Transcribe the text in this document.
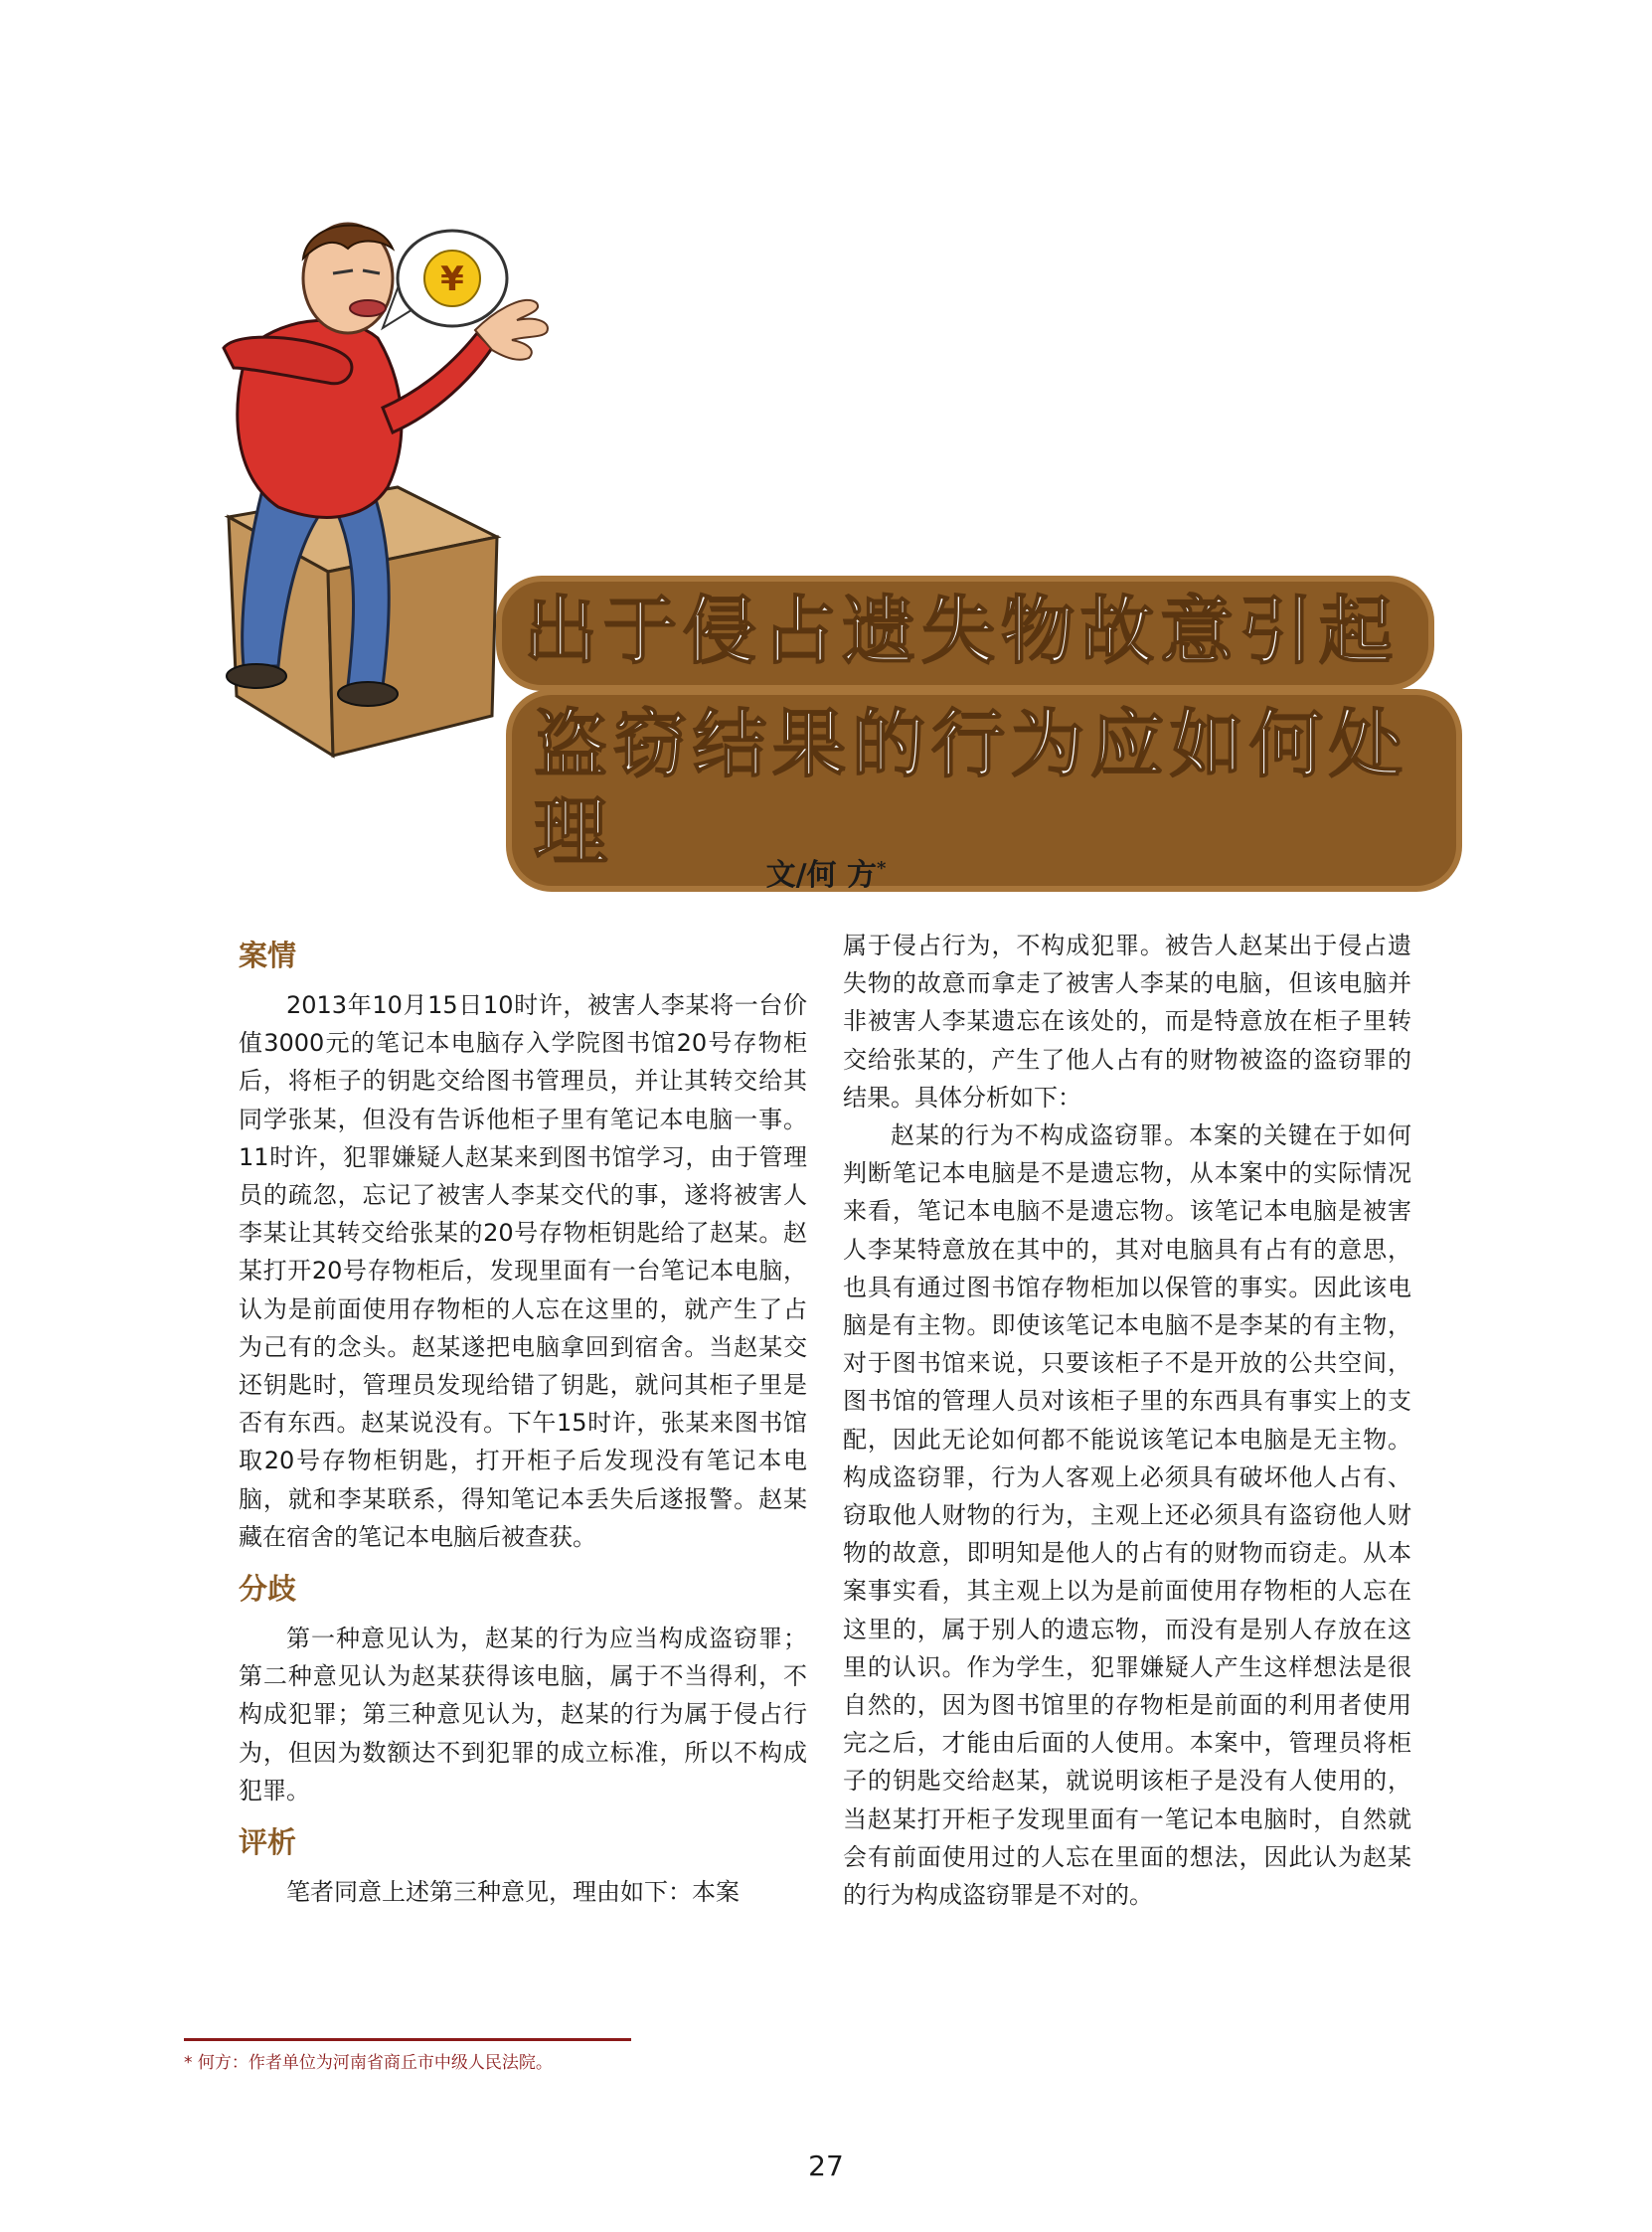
¥
出于侵占遗失物故意引起
盗窃结果的行为应如何处理
文/何 方*
案情

2013年10月15日10时许，被害人李某将一台价值3000元的笔记本电脑存入学院图书馆20号存物柜后，将柜子的钥匙交给图书管理员，并让其转交给其同学张某，但没有告诉他柜子里有笔记本电脑一事。11时许，犯罪嫌疑人赵某来到图书馆学习，由于管理员的疏忽，忘记了被害人李某交代的事，遂将被害人李某让其转交给张某的20号存物柜钥匙给了赵某。赵某打开20号存物柜后，发现里面有一台笔记本电脑，认为是前面使用存物柜的人忘在这里的，就产生了占为己有的念头。赵某遂把电脑拿回到宿舍。当赵某交还钥匙时，管理员发现给错了钥匙，就问其柜子里是否有东西。赵某说没有。下午15时许，张某来图书馆取20号存物柜钥匙，打开柜子后发现没有笔记本电脑，就和李某联系，得知笔记本丢失后遂报警。赵某藏在宿舍的笔记本电脑后被查获。

分歧

第一种意见认为，赵某的行为应当构成盗窃罪；第二种意见认为赵某获得该电脑，属于不当得利，不构成犯罪；第三种意见认为，赵某的行为属于侵占行为，但因为数额达不到犯罪的成立标准，所以不构成犯罪。

评析

笔者同意上述第三种意见，理由如下：本案

属于侵占行为，不构成犯罪。被告人赵某出于侵占遗失物的故意而拿走了被害人李某的电脑，但该电脑并非被害人李某遗忘在该处的，而是特意放在柜子里转交给张某的，产生了他人占有的财物被盗的盗窃罪的结果。具体分析如下：

赵某的行为不构成盗窃罪。本案的关键在于如何判断笔记本电脑是不是遗忘物，从本案中的实际情况来看，笔记本电脑不是遗忘物。该笔记本电脑是被害人李某特意放在其中的，其对电脑具有占有的意思，也具有通过图书馆存物柜加以保管的事实。因此该电脑是有主物。即使该笔记本电脑不是李某的有主物，对于图书馆来说，只要该柜子不是开放的公共空间，图书馆的管理人员对该柜子里的东西具有事实上的支配，因此无论如何都不能说该笔记本电脑是无主物。构成盗窃罪，行为人客观上必须具有破坏他人占有、窃取他人财物的行为，主观上还必须具有盗窃他人财物的故意，即明知是他人的占有的财物而窃走。从本案事实看，其主观上以为是前面使用存物柜的人忘在这里的，属于别人的遗忘物，而没有是别人存放在这里的认识。作为学生，犯罪嫌疑人产生这样想法是很自然的，因为图书馆里的存物柜是前面的利用者使用完之后，才能由后面的人使用。本案中，管理员将柜子的钥匙交给赵某，就说明该柜子是没有人使用的，当赵某打开柜子发现里面有一笔记本电脑时，自然就会有前面使用过的人忘在里面的想法，因此认为赵某的行为构成盗窃罪是不对的。

* 何方：作者单位为河南省商丘市中级人民法院。
27
